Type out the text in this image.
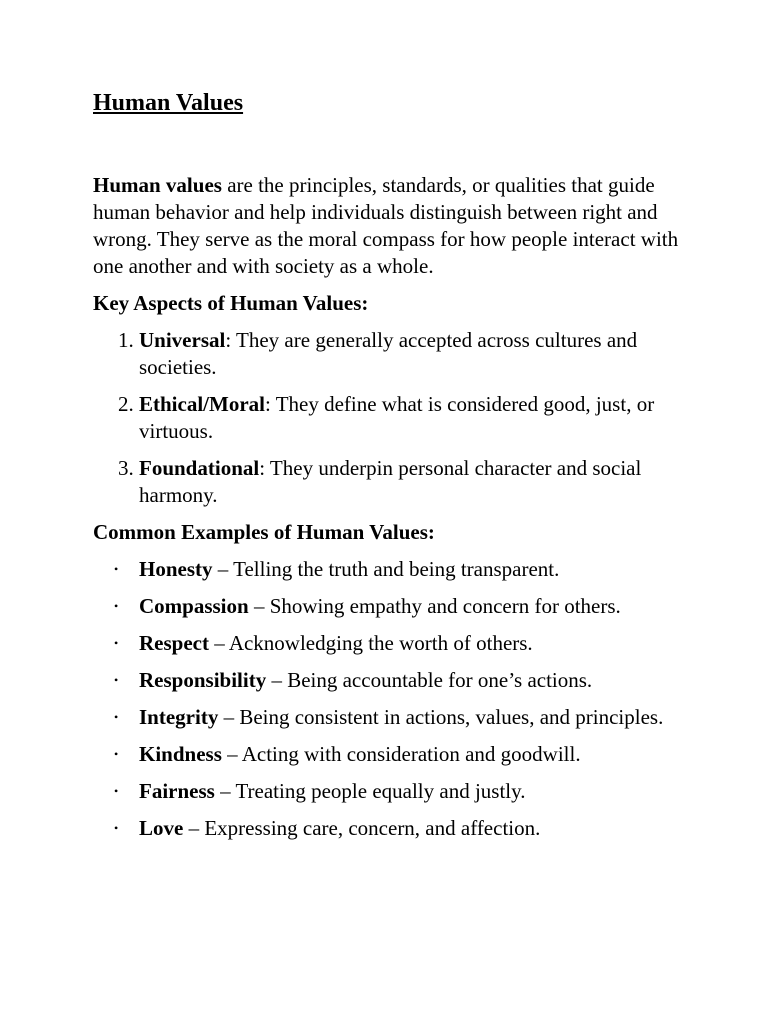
Human Values

Human values are the principles, standards, or qualities that guide human behavior and help individuals distinguish between right and wrong. They serve as the moral compass for how people interact with one another and with society as a whole.

Key Aspects of Human Values:

1. Universal: They are generally accepted across cultures and societies.
2. Ethical/Moral: They define what is considered good, just, or virtuous.
3. Foundational: They underpin personal character and social harmony.

Common Examples of Human Values:

• Honesty – Telling the truth and being transparent.
• Compassion – Showing empathy and concern for others.
• Respect – Acknowledging the worth of others.
• Responsibility – Being accountable for one’s actions.
• Integrity – Being consistent in actions, values, and principles.
• Kindness – Acting with consideration and goodwill.
• Fairness – Treating people equally and justly.
• Love – Expressing care, concern, and affection.
